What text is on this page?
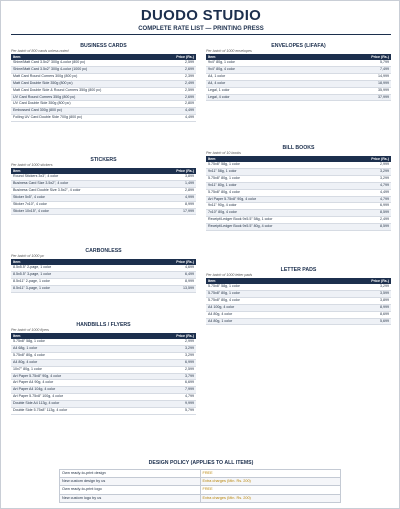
DUODO STUDIO
COMPLETE RATE LIST — PRINTING PRESS
BUSINESS CARDS
Per batch of 800 cards unless noted
Item	Price (Rs.)
Shine/Matt Card 3.5x2" 300g 4-color (800 pc)	2,599
Shine/Matt Card 3.5x2" 300g 4-color (1000 pc)	2,699
Matt Card Round Corners 300g (800 pc)	2,399
Matt Card Double Side 350g (800 pc)	2,499
Matt Card Double Side & Round Corners 350g (800 pc)	2,599
UV Card Round Corners 350g (800 pc)	2,699
UV Card Double Side 350g (800 pc)	2,809
Embossed Card 300g (800 pc)	4,499
Foiling UV Card Double Side 700g (800 pc)	4,499
ENVELOPES (LIFAFA)
Per batch of 1000 envelopes
Item	Price (Rs.)
9x4" 80g, 1 color	5,799
9x4" 80g, 4 color	7,499
A4, 1 color	14,999
A4, 4 color	18,999
Legal, 1 color	35,999
Legal, 4 color	37,999
STICKERS
Per batch of 1000 stickers
Item	Price (Rs.)
Round Stickers 3x3", 4 color	3,899
Business Card Size 3.5x2", 4 color	1,499
Business Card Double Size 3.5x2", 4 color	2,899
Sticker 5x5", 4 color	4,999
Sticker 7x10", 4 color	8,999
Sticker 10x15", 4 color	17,999
BILL BOOKS
Per batch of 10 books
Item	Price (Rs.)
5.75x8" 58g, 1 color	2,999
9x11" 58g, 1 color	3,299
5.75x8" 80g, 1 color	3,299
9x11" 80g, 1 color	4,799
5.75x8" 80g, 4 color	4,499
Art Paper 5.75x8" 90g, 4 color	4,799
9x11" 90g, 4 color	6,999
7x10" 80g, 4 color	8,599
Receipt/Ledger Book 9x5.5" 58g, 1 color	2,499
Receipt/Ledger Book 9x5.5" 80g, 4 color	8,599
CARBONLESS
Per batch of 1000 pc
Item	Price (Rs.)
8.5x5.5" 2-page, 1 color	4,699
8.5x5.5" 3-page, 1 color	6,499
8.5x11" 2-page, 1 color	8,999
8.5x11" 3-page, 1 color	13,599
LETTER PADS
Per batch of 1000 letter pads
Item	Price (Rs.)
5.75x8" 58g, 1 color	3,299
5.75x8" 80g, 1 color	3,599
5.75x8" 80g, 4 color	3,899
A4 100g, 4 color	8,999
A4 80g, 4 color	8,699
A4 80g, 1 color	5,699
HANDBILLS / FLYERS
Per batch of 1000 flyers
Item	Price (Rs.)
5.75x8" 58g, 1 color	2,999
A4 68g, 1 color	3,299
5.75x8" 80g, 4 color	3,299
A4 80g, 4 color	6,999
10x7" 80g, 1 color	2,599
Art Paper 5.75x8" 90g, 4 color	3,799
Art Paper A4 90g, 4 color	6,699
Art Paper A4 104g, 4 color	7,999
Art Paper 5.75x8" 100g, 4 color	4,799
Double Side A4 113g, 4 color	9,999
Double Side 5.75x8" 113g, 4 color	5,799
DESIGN POLICY (APPLIES TO ALL ITEMS)
Own ready-to-print design	FREE
New custom design by us	Extra charges (Min. Rs. 200)
Own ready-to-print logo	FREE
New custom logo by us	Extra charges (Min. Rs. 200)
